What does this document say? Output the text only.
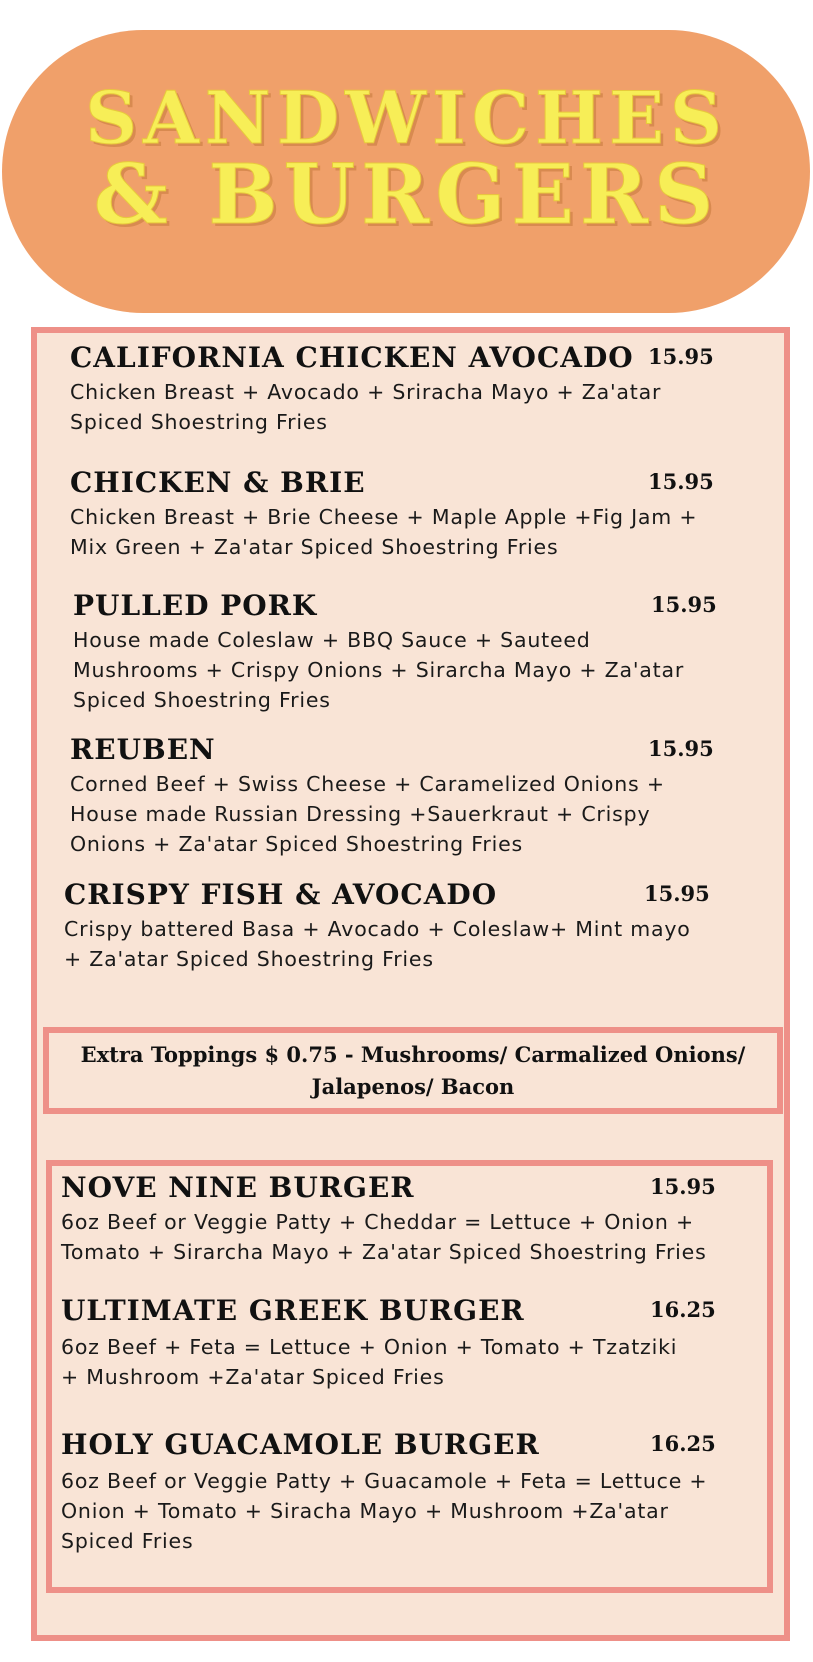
SANDWICHES
& BURGERS
CALIFORNIA CHICKEN AVOCADO 15.95
Chicken Breast + Avocado + Sriracha Mayo + Za'atar Spiced Shoestring Fries
CHICKEN & BRIE	15.95
Chicken Breast + Brie Cheese + Maple Apple +Fig Jam + Mix Green + Za'atar Spiced Shoestring Fries
PULLED PORK	15.95
House made Coleslaw + BBQ Sauce + Sauteed Mushrooms + Crispy Onions + Sirarcha Mayo + Za'atar Spiced Shoestring Fries
REUBEN	15.95
Corned Beef + Swiss Cheese + Caramelized Onions + House made Russian Dressing +Sauerkraut + Crispy Onions + Za'atar Spiced Shoestring Fries
CRISPY FISH & AVOCADO	15.95
Crispy battered Basa + Avocado + Coleslaw+ Mint mayo + Za'atar Spiced Shoestring Fries
Extra Toppings $ 0.75 - Mushrooms/ Carmalized Onions/ Jalapenos/ Bacon
NOVE NINE BURGER	15.95
6oz Beef or Veggie Patty + Cheddar = Lettuce + Onion + Tomato + Sirarcha Mayo + Za'atar Spiced Shoestring Fries
ULTIMATE GREEK BURGER	16.25
6oz Beef + Feta = Lettuce + Onion + Tomato + Tzatziki + Mushroom +Za'atar Spiced Fries
HOLY GUACAMOLE BURGER	16.25
6oz Beef or Veggie Patty + Guacamole + Feta = Lettuce + Onion + Tomato + Siracha Mayo + Mushroom +Za'atar Spiced Fries
